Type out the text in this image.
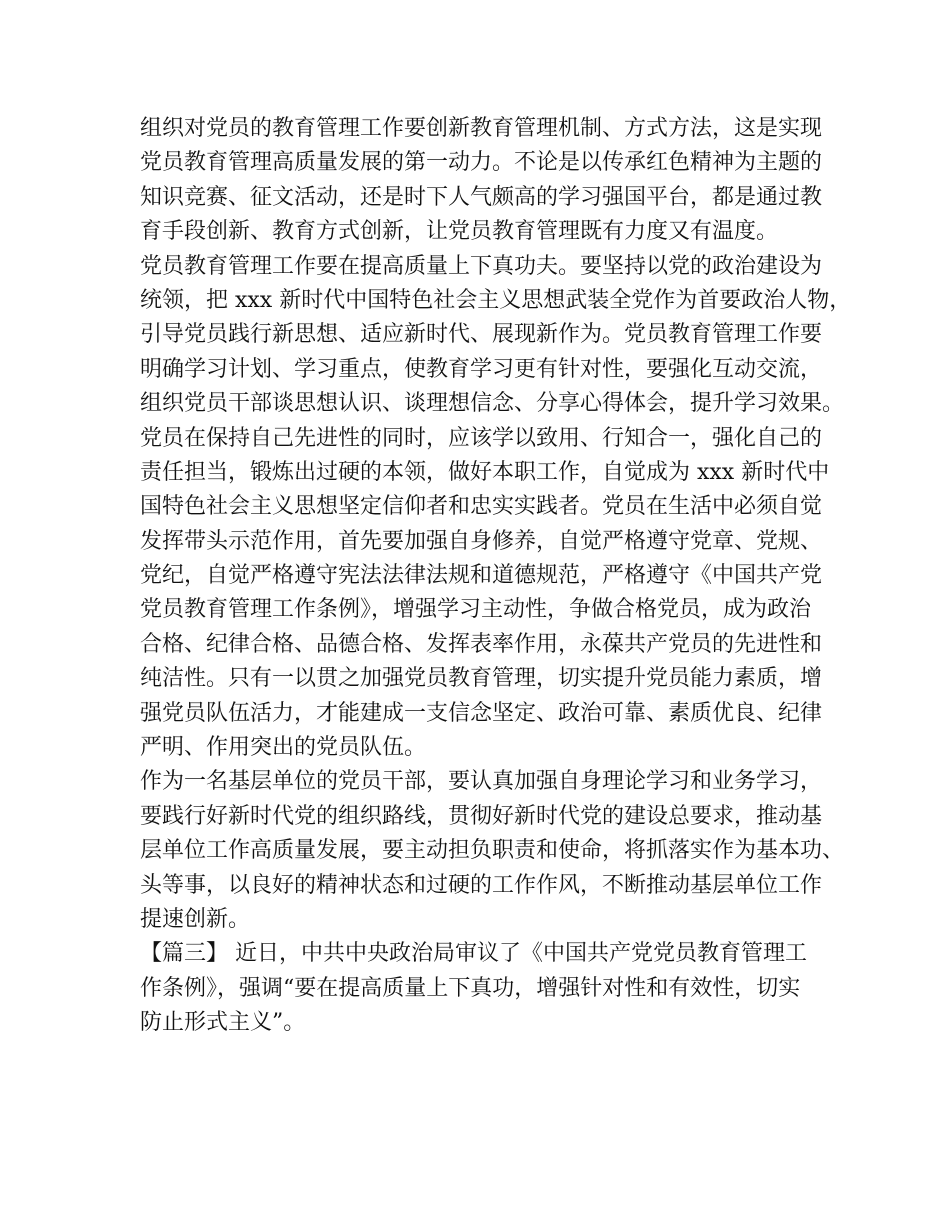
组织对党员的教育管理工作要创新教育管理机制、方式方法，这是实现
党员教育管理高质量发展的第一动力。不论是以传承红色精神为主题的
知识竞赛、征文活动，还是时下人气颇高的学习强国平台，都是通过教
育手段创新、教育方式创新，让党员教育管理既有力度又有温度。
党员教育管理工作要在提高质量上下真功夫。要坚持以党的政治建设为
统领，把 xxx 新时代中国特色社会主义思想武装全党作为首要政治人物，
引导党员践行新思想、适应新时代、展现新作为。党员教育管理工作要
明确学习计划、学习重点，使教育学习更有针对性，要强化互动交流，
组织党员干部谈思想认识、谈理想信念、分享心得体会，提升学习效果。
党员在保持自己先进性的同时，应该学以致用、行知合一，强化自己的
责任担当，锻炼出过硬的本领，做好本职工作，自觉成为 xxx 新时代中
国特色社会主义思想坚定信仰者和忠实实践者。党员在生活中必须自觉
发挥带头示范作用，首先要加强自身修养，自觉严格遵守党章、党规、
党纪，自觉严格遵守宪法法律法规和道德规范，严格遵守《中国共产党
党员教育管理工作条例》，增强学习主动性，争做合格党员，成为政治
合格、纪律合格、品德合格、发挥表率作用，永葆共产党员的先进性和
纯洁性。只有一以贯之加强党员教育管理，切实提升党员能力素质，增
强党员队伍活力，才能建成一支信念坚定、政治可靠、素质优良、纪律
严明、作用突出的党员队伍。
作为一名基层单位的党员干部，要认真加强自身理论学习和业务学习，
要践行好新时代党的组织路线，贯彻好新时代党的建设总要求，推动基
层单位工作高质量发展，要主动担负职责和使命，将抓落实作为基本功、
头等事，以良好的精神状态和过硬的工作作风，不断推动基层单位工作
提速创新。
【篇三】 近日，中共中央政治局审议了《中国共产党党员教育管理工
作条例》，强调“要在提高质量上下真功，增强针对性和有效性，切实
防止形式主义”。
